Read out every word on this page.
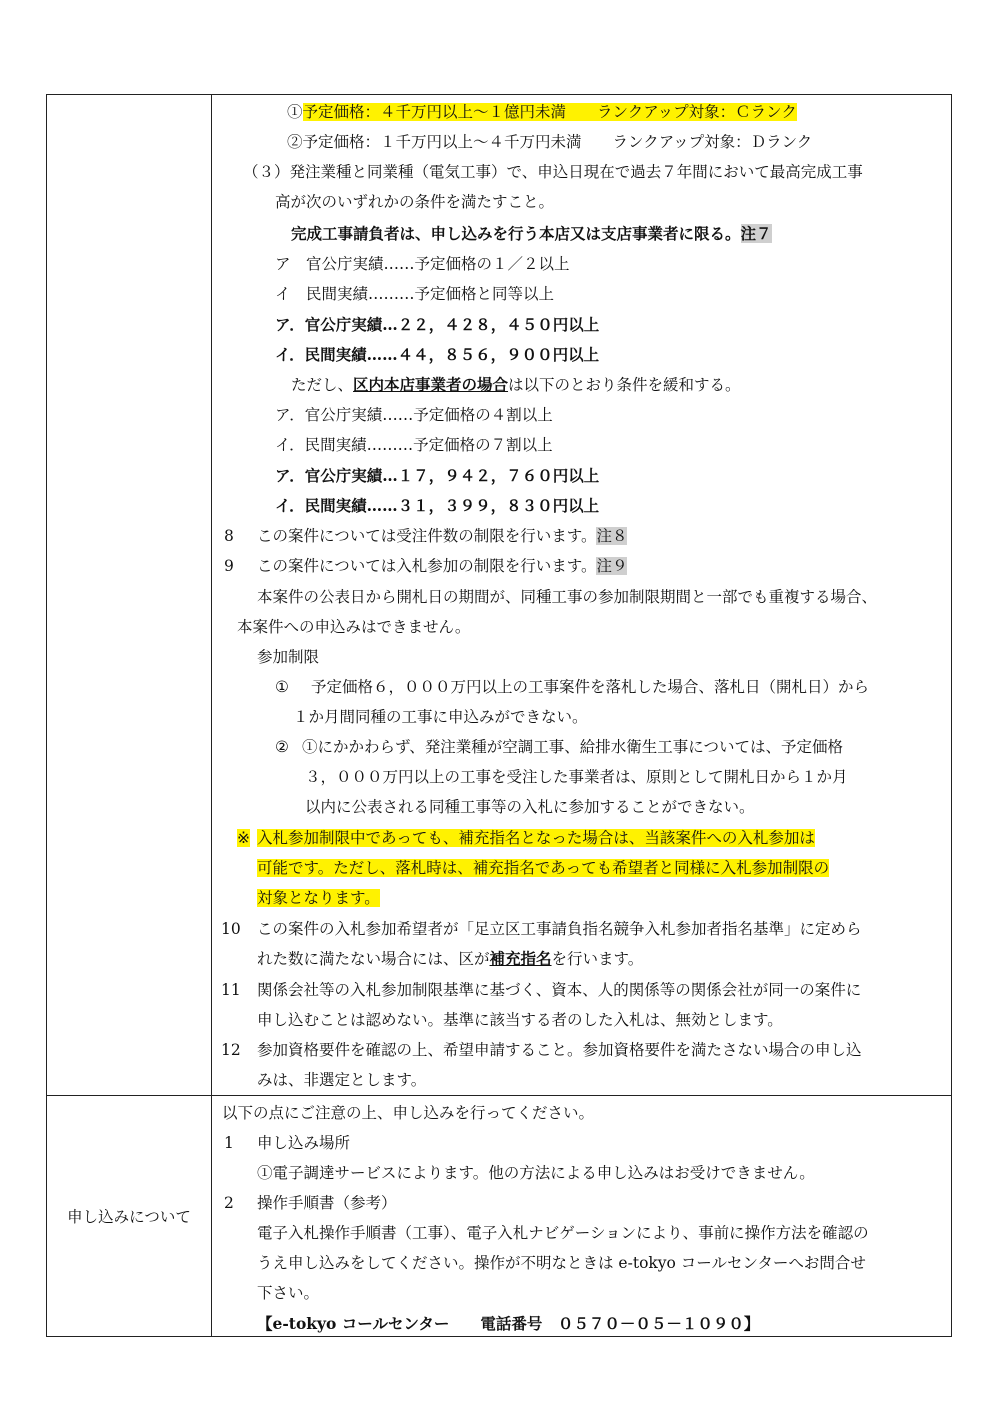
申し込みについて
①予定価格：４千万円以上～１億円未満　　ランクアップ対象：Ｃランク
②予定価格：１千万円以上～４千万円未満　　ランクアップ対象：Ｄランク
（３）発注業種と同業種（電気工事）で、申込日現在で過去７年間において最高完成工事
高が次のいずれかの条件を満たすこと。
完成工事請負者は、申し込みを行う本店又は支店事業者に限る。注７
ア　官公庁実績……予定価格の１／２以上
イ　民間実績………予定価格と同等以上
ア．官公庁実績…２２，４２８，４５０円以上
イ．民間実績……４４，８５６，９００円以上
ただし、区内本店事業者の場合は以下のとおり条件を緩和する。
ア．官公庁実績……予定価格の４割以上
イ．民間実績………予定価格の７割以上
ア．官公庁実績…１７，９４２，７６０円以上
イ．民間実績……３１，３９９，８３０円以上
8 この案件については受注件数の制限を行います。注８
9 この案件については入札参加の制限を行います。注９
本案件の公表日から開札日の期間が、同種工事の参加制限期間と一部でも重複する場合、
本案件への申込みはできません。
参加制限
① 予定価格６，０００万円以上の工事案件を落札した場合、落札日（開札日）から
１か月間同種の工事に申込みができない。
② ①にかかわらず、発注業種が空調工事、給排水衛生工事については、予定価格
３，０００万円以上の工事を受注した事業者は、原則として開札日から１か月
以内に公表される同種工事等の入札に参加することができない。
※ 入札参加制限中であっても、補充指名となった場合は、当該案件への入札参加は
可能です。ただし、落札時は、補充指名であっても希望者と同様に入札参加制限の
対象となります。
10 この案件の入札参加希望者が「足立区工事請負指名競争入札参加者指名基準」に定めら
れた数に満たない場合には、区が補充指名を行います。
11 関係会社等の入札参加制限基準に基づく、資本、人的関係等の関係会社が同一の案件に
申し込むことは認めない。基準に該当する者のした入札は、無効とします。
12 参加資格要件を確認の上、希望申請すること。参加資格要件を満たさない場合の申し込
みは、非選定とします。
以下の点にご注意の上、申し込みを行ってください。
1 申し込み場所
①電子調達サービスによります。他の方法による申し込みはお受けできません。
2 操作手順書（参考）
電子入札操作手順書（工事）、電子入札ナビゲーションにより、事前に操作方法を確認の
うえ申し込みをしてください。操作が不明なときは e-tokyo コールセンターへお問合せ
下さい。
【e-tokyo コールセンター　　電話番号　０５７０－０５－１０９０】
